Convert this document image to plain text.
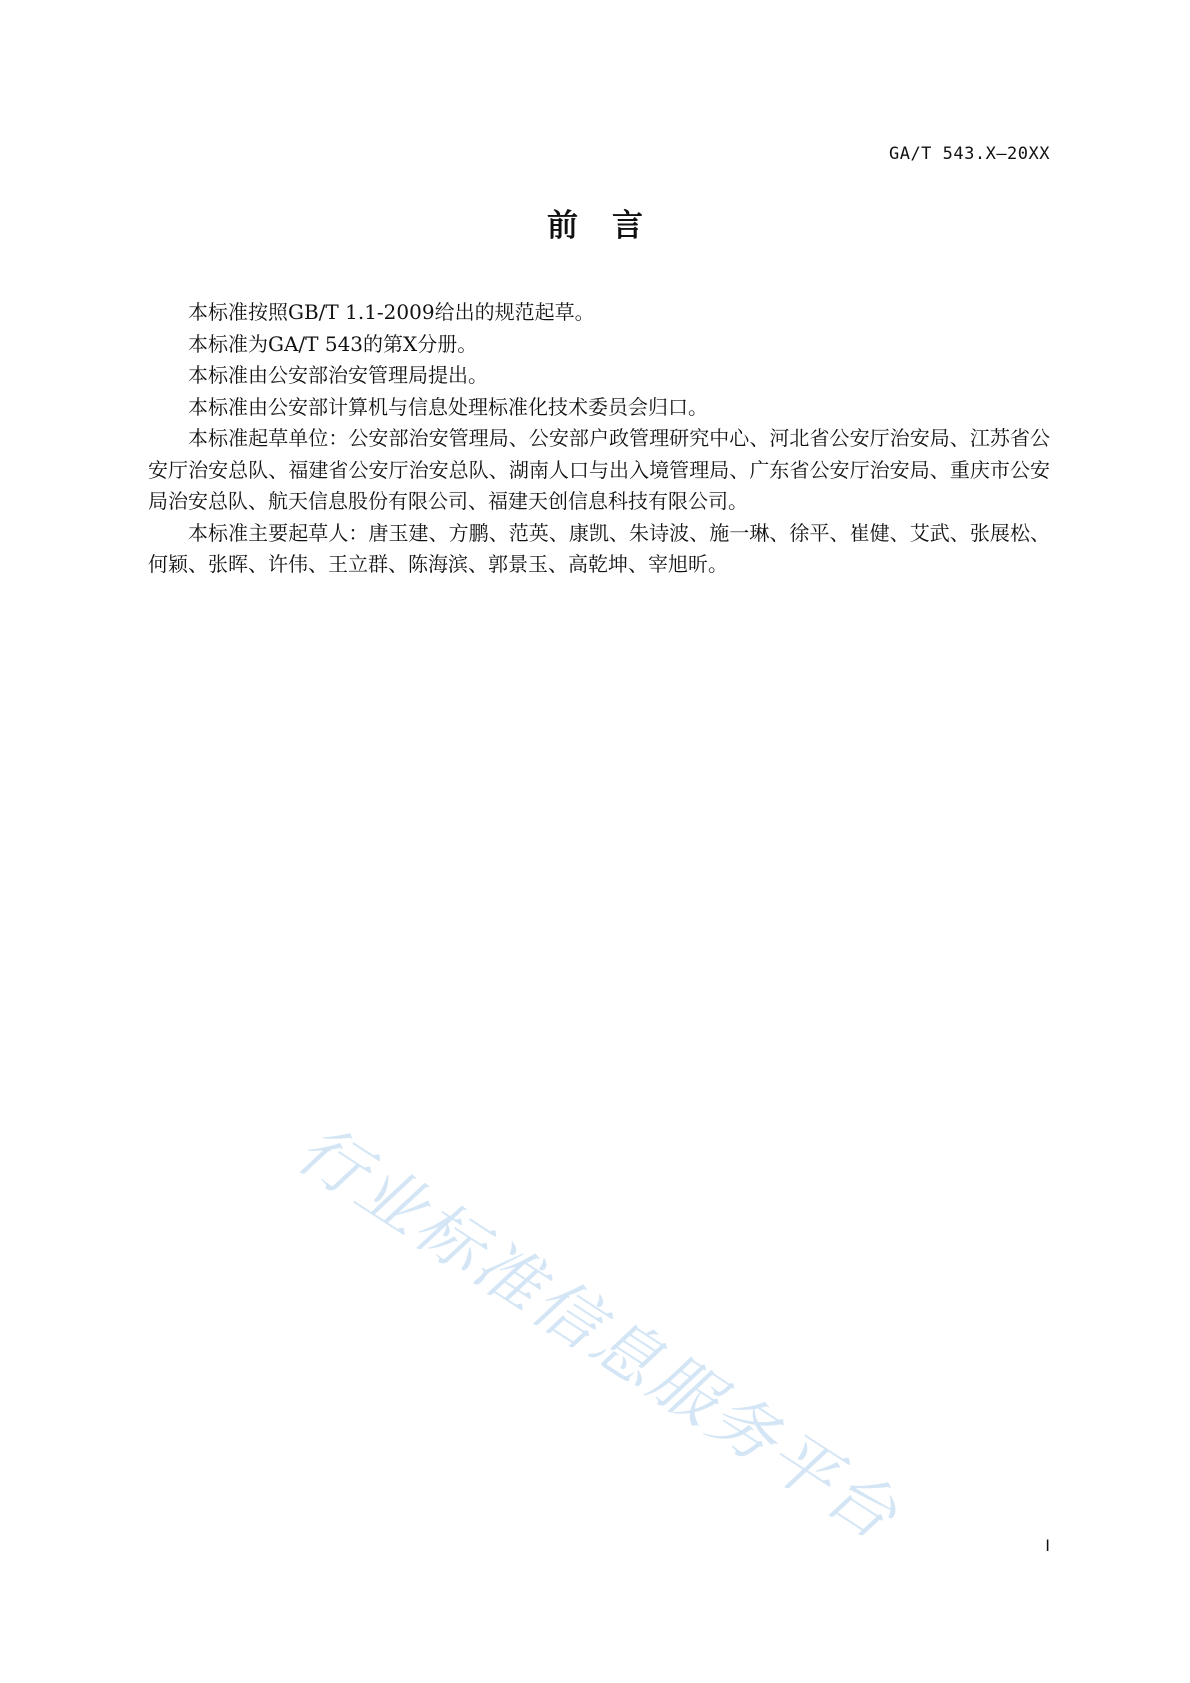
GA/T 543.X—20XX
前言

本标准按照GB/T 1.1-2009给出的规范起草。

本标准为GA/T 543的第X分册。

本标准由公安部治安管理局提出。

本标准由公安部计算机与信息处理标准化技术委员会归口。

本标准起草单位：公安部治安管理局、公安部户政管理研究中心、河北省公安厅治安局、江苏省公安厅治安总队、福建省公安厅治安总队、湖南人口与出入境管理局、广东省公安厅治安局、重庆市公安局治安总队、航天信息股份有限公司、福建天创信息科技有限公司。

本标准主要起草人：唐玉建、方鹏、范英、康凯、朱诗波、施一琳、徐平、崔健、艾武、张展松、何颖、张晖、许伟、王立群、陈海滨、郭景玉、高乾坤、宰旭昕。

行业标准信息服务平台	I
